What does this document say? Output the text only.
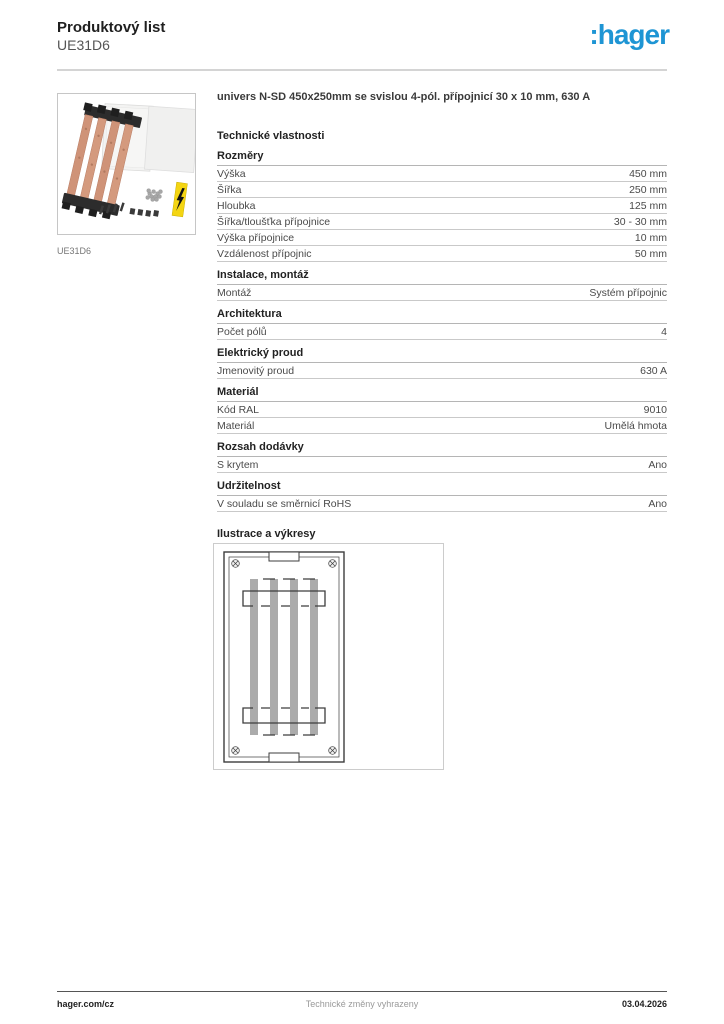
Produktový list
UE31D6	:hager
UE31D6
univers N-SD 450x250mm se svislou 4-pól. přípojnicí 30 x 10 mm, 630 A
Technické vlastnosti
Rozměry
Výška	450 mm
Šířka	250 mm
Hloubka	125 mm
Šířka/tloušťka přípojnice	30 - 30 mm
Výška přípojnice	10 mm
Vzdálenost přípojnic	50 mm
Instalace, montáž
Montáž	Systém přípojnic
Architektura
Počet pólů	4
Elektrický proud
Jmenovitý proud	630 A
Materiál
Kód RAL	9010
Materiál	Umělá hmota
Rozsah dodávky
S krytem	Ano
Udržitelnost
V souladu se směrnicí RoHS	Ano
Ilustrace a výkresy
hager.com/cz	Technické změny vyhrazeny	03.04.2026
